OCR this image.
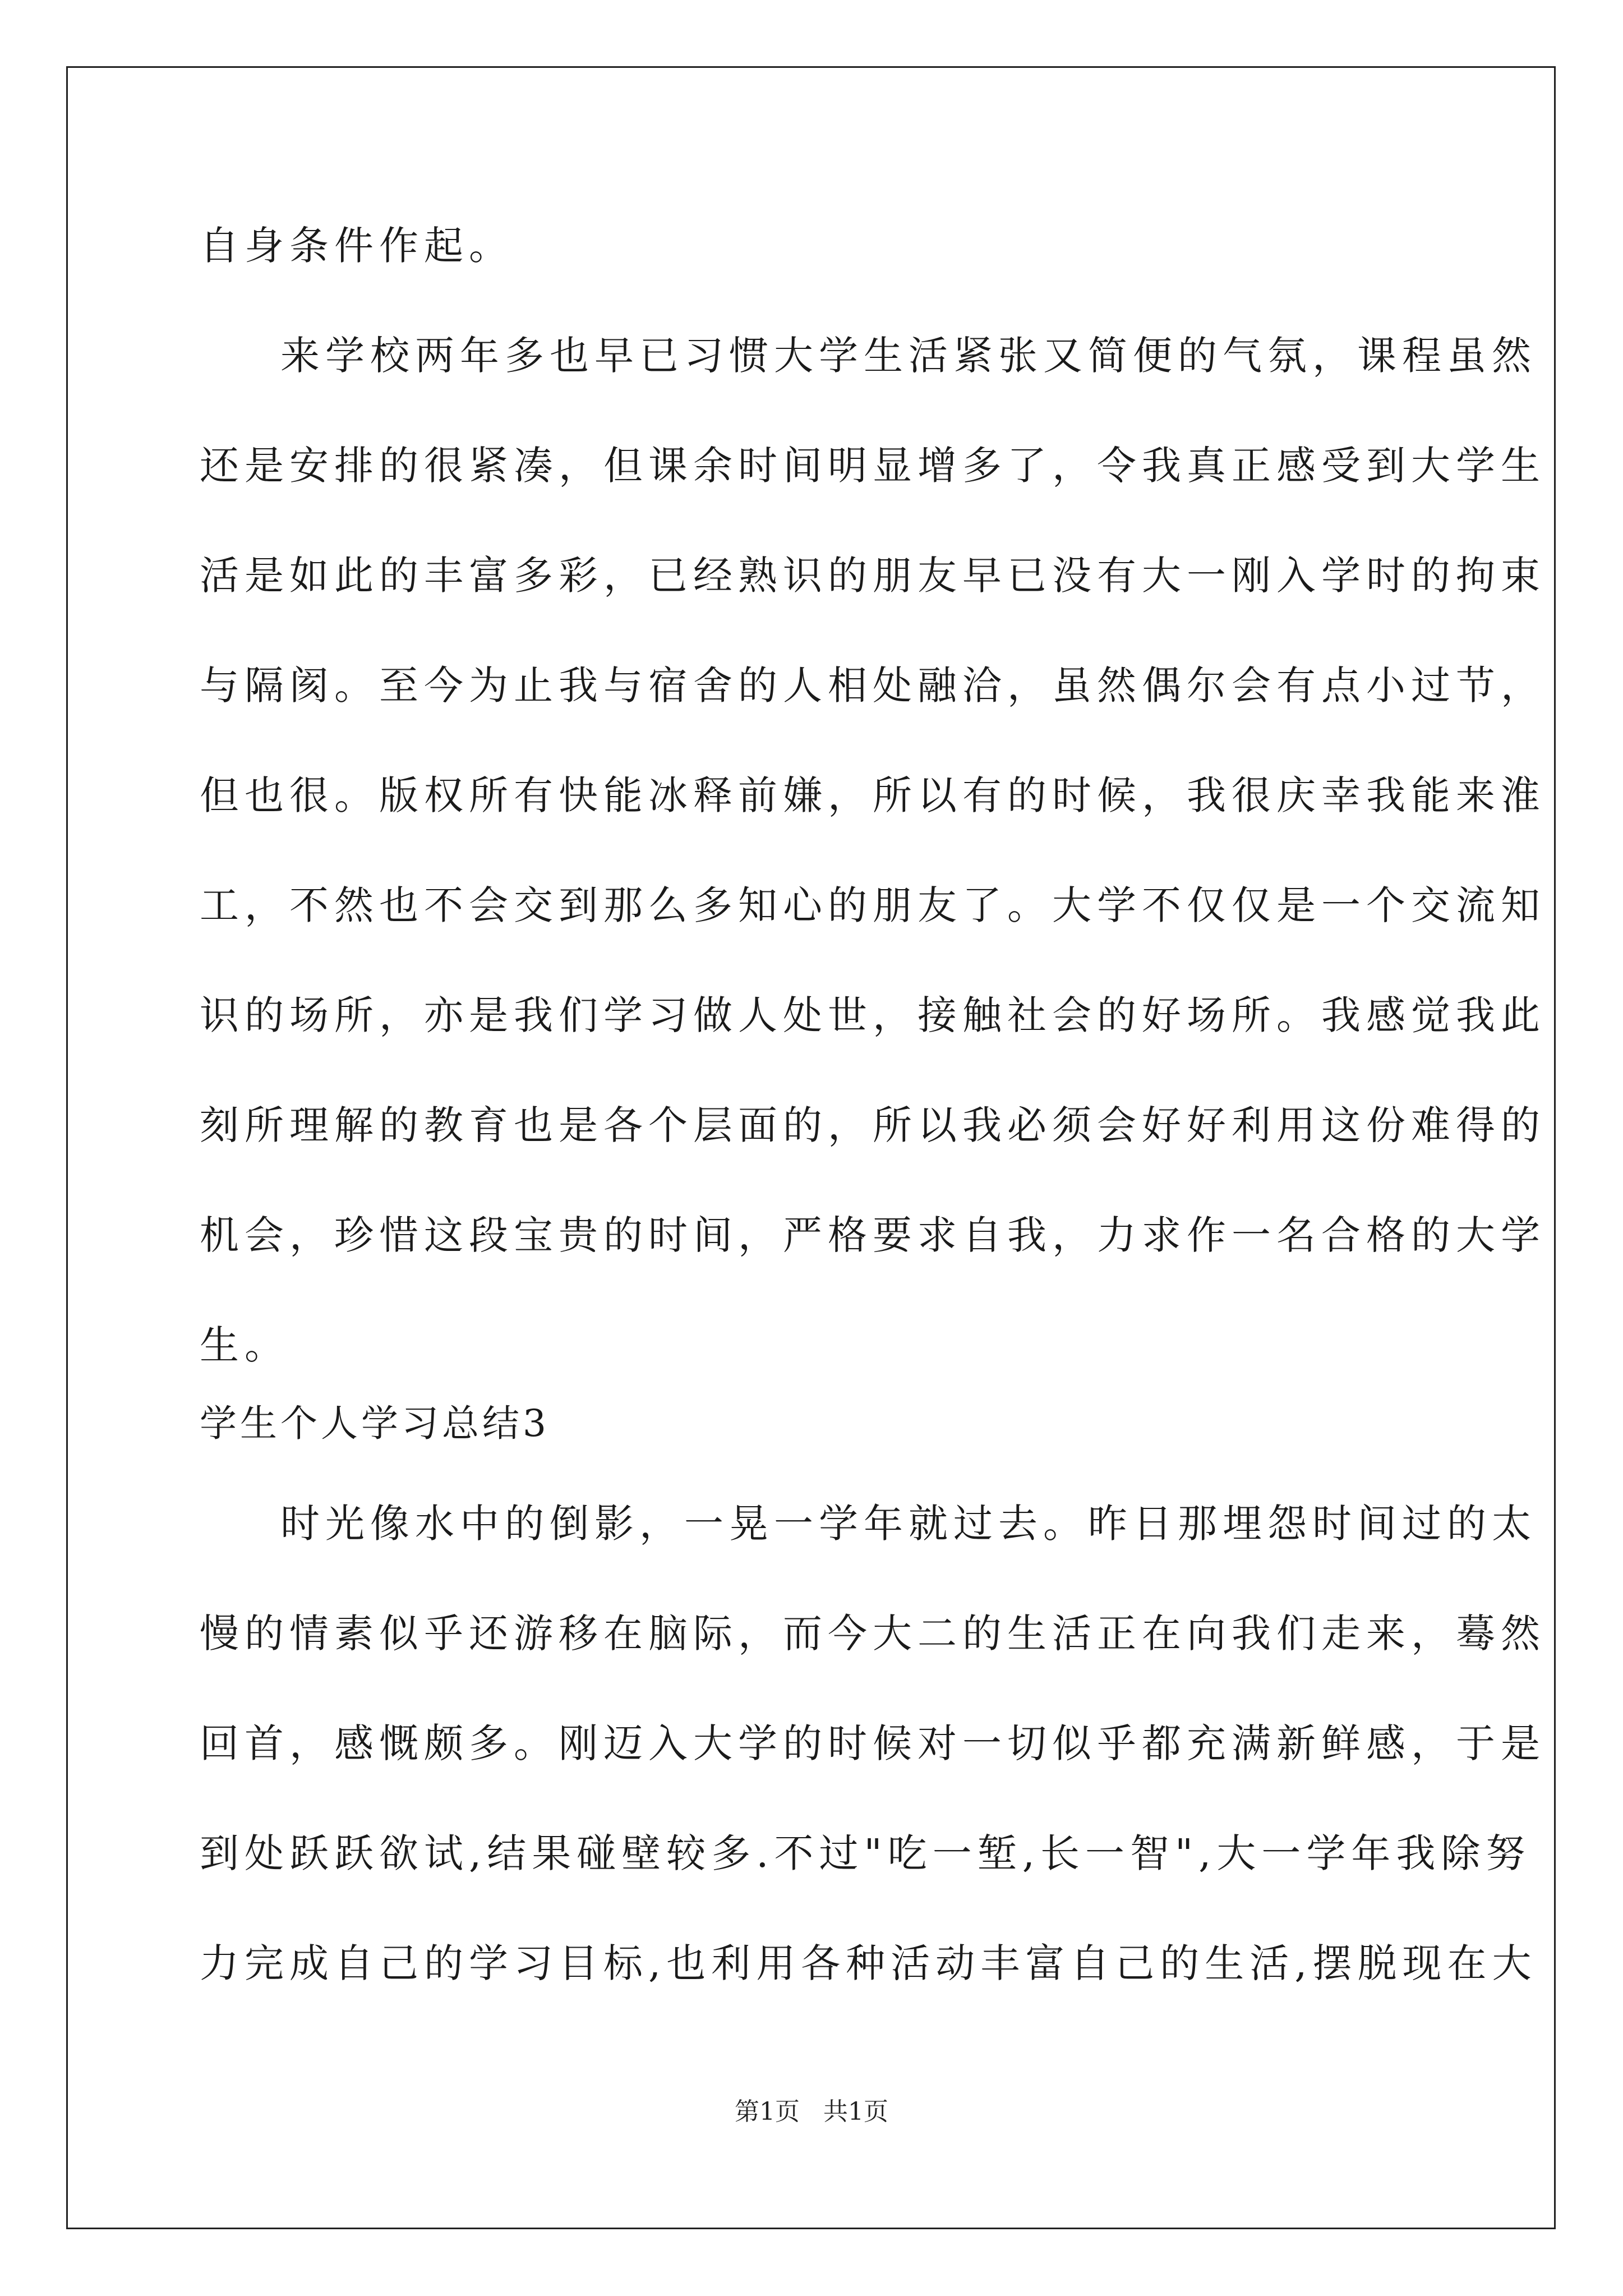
自身条件作起。

来学校两年多也早已习惯大学生活紧张又简便的气氛，课程虽然

还是安排的很紧凑，但课余时间明显增多了，令我真正感受到大学生

活是如此的丰富多彩，已经熟识的朋友早已没有大一刚入学时的拘束

与隔阂。至今为止我与宿舍的人相处融洽，虽然偶尔会有点小过节，

但也很。版权所有快能冰释前嫌，所以有的时候，我很庆幸我能来淮

工，不然也不会交到那么多知心的朋友了。大学不仅仅是一个交流知

识的场所，亦是我们学习做人处世，接触社会的好场所。我感觉我此

刻所理解的教育也是各个层面的，所以我必须会好好利用这份难得的

机会，珍惜这段宝贵的时间，严格要求自我，力求作一名合格的大学

生。

学生个人学习总结3

时光像水中的倒影，一晃一学年就过去。昨日那埋怨时间过的太

慢的情素似乎还游移在脑际，而今大二的生活正在向我们走来，蓦然

回首，感慨颇多。刚迈入大学的时候对一切似乎都充满新鲜感，于是

到处跃跃欲试,结果碰壁较多.不过"吃一堑,长一智",大一学年我除努

力完成自己的学习目标,也利用各种活动丰富自己的生活,摆脱现在大

第1页   共1页
